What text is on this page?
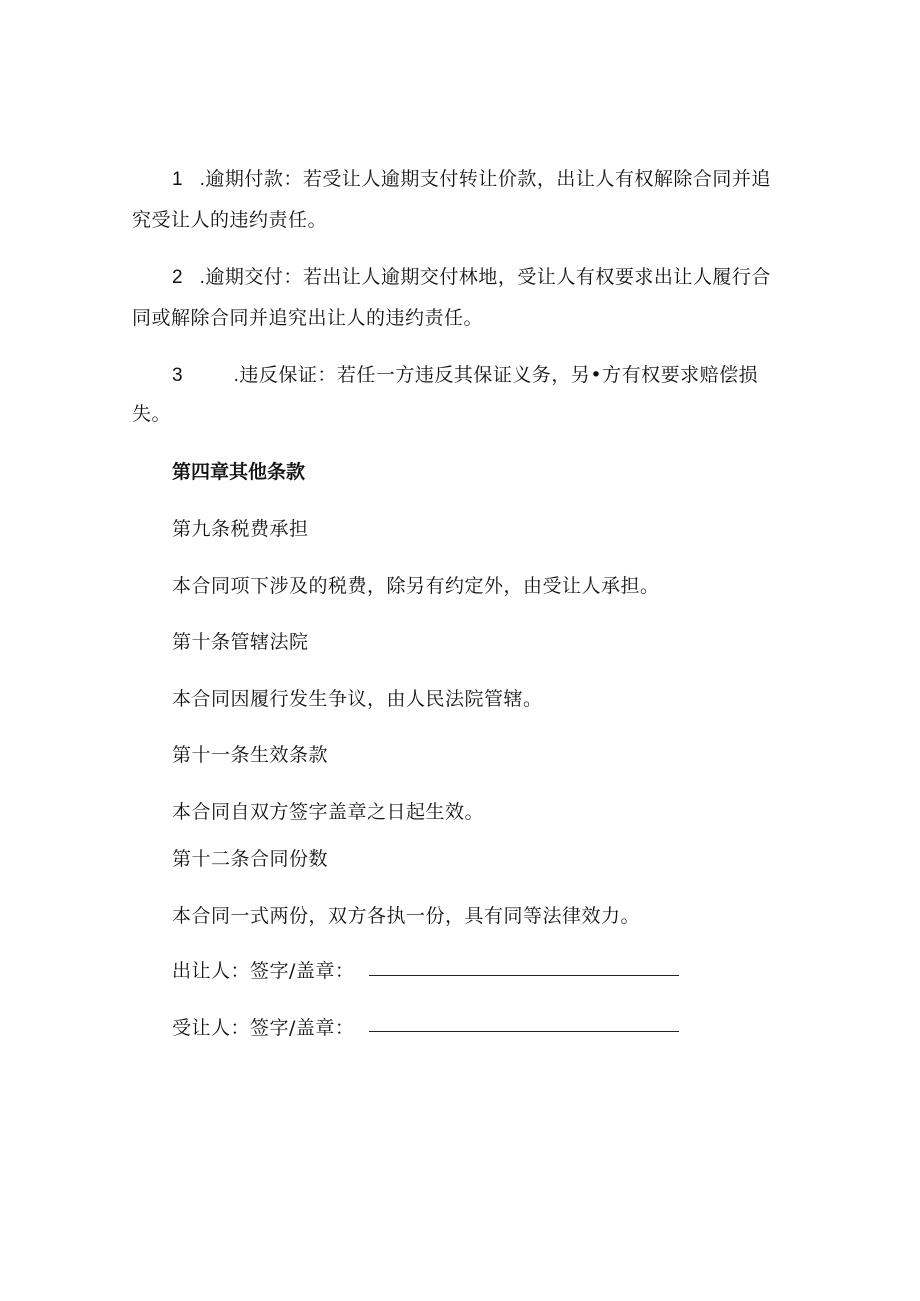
1 .逾期付款：若受让人逾期支付转让价款，出让人有权解除合同并追
究受让人的违约责任。
2 .逾期交付：若出让人逾期交付林地，受让人有权要求出让人履行合
同或解除合同并追究出让人的违约责任。
3	.违反保证：若任一方违反其保证义务，另•方有权要求赔偿损
失。
第四章其他条款
第九条税费承担
本合同项下涉及的税费，除另有约定外，由受让人承担。
第十条管辖法院
本合同因履行发生争议，由人民法院管辖。
第十一条生效条款
本合同自双方签字盖章之日起生效。
第十二条合同份数
本合同一式两份，双方各执一份，具有同等法律效力。
出让人：签字/盖章：
受让人：签字/盖章：
